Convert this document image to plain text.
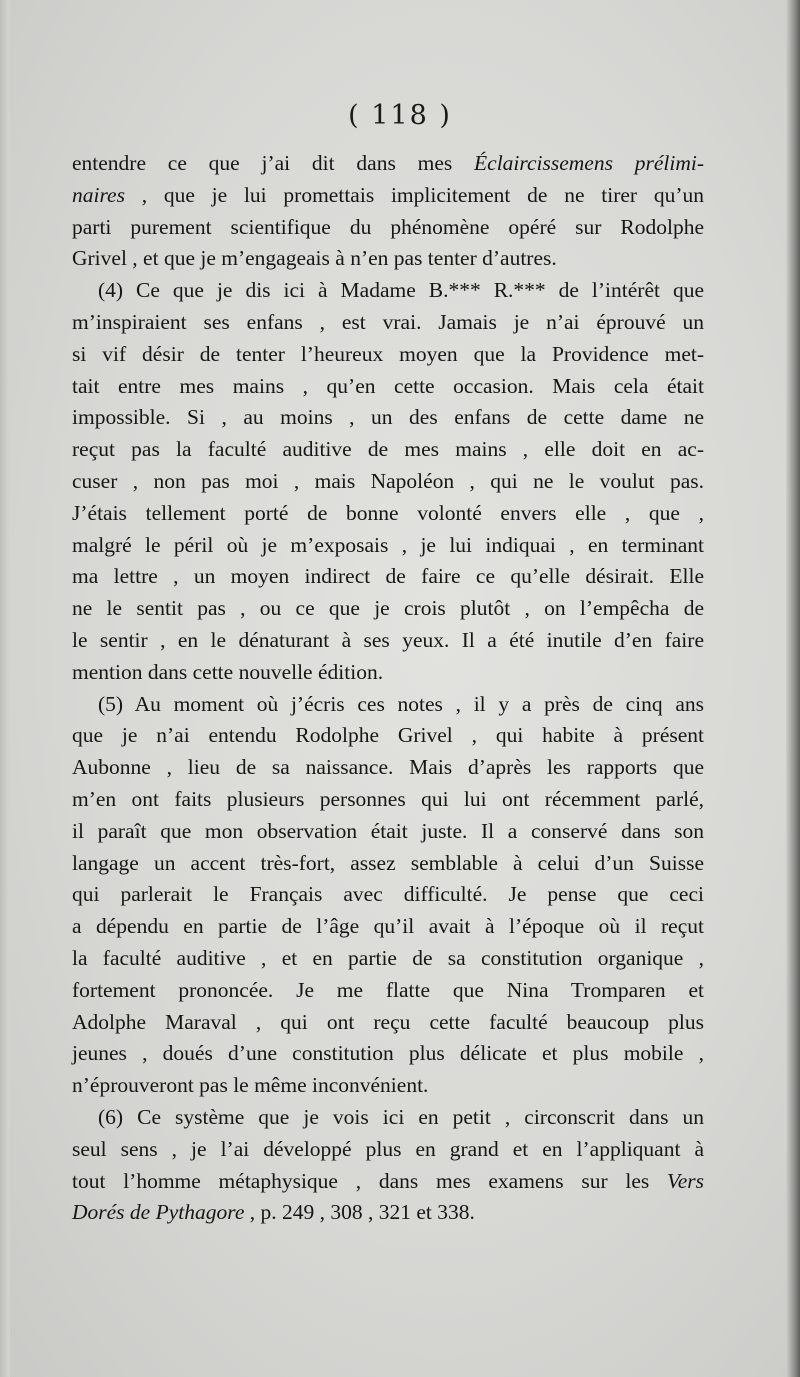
( 118 )
entendre ce que j’ai dit dans mes Éclaircissemens prélimi-
naires , que je lui promettais implicitement de ne tirer qu’un
parti purement scientifique du phénomène opéré sur Rodolphe
Grivel , et que je m’engageais à n’en pas tenter d’autres.
(4) Ce que je dis ici à Madame B.*** R.*** de l’intérêt que
m’inspiraient ses enfans , est vrai. Jamais je n’ai éprouvé un
si vif désir de tenter l’heureux moyen que la Providence met-
tait entre mes mains , qu’en cette occasion. Mais cela était
impossible. Si , au moins , un des enfans de cette dame ne
reçut pas la faculté auditive de mes mains , elle doit en ac-
cuser , non pas moi , mais Napoléon , qui ne le voulut pas.
J’étais tellement porté de bonne volonté envers elle , que ,
malgré le péril où je m’exposais , je lui indiquai , en terminant
ma lettre , un moyen indirect de faire ce qu’elle désirait. Elle
ne le sentit pas , ou ce que je crois plutôt , on l’empêcha de
le sentir , en le dénaturant à ses yeux. Il a été inutile d’en faire
mention dans cette nouvelle édition.
(5) Au moment où j’écris ces notes , il y a près de cinq ans
que je n’ai entendu Rodolphe Grivel , qui habite à présent
Aubonne , lieu de sa naissance. Mais d’après les rapports que
m’en ont faits plusieurs personnes qui lui ont récemment parlé,
il paraît que mon observation était juste. Il a conservé dans son
langage un accent très-fort, assez semblable à celui d’un Suisse
qui parlerait le Français avec difficulté. Je pense que ceci
a dépendu en partie de l’âge qu’il avait à l’époque où il reçut
la faculté auditive , et en partie de sa constitution organique ,
fortement prononcée. Je me flatte que Nina Tromparen et
Adolphe Maraval , qui ont reçu cette faculté beaucoup plus
jeunes , doués d’une constitution plus délicate et plus mobile ,
n’éprouveront pas le même inconvénient.
(6) Ce système que je vois ici en petit , circonscrit dans un
seul sens , je l’ai développé plus en grand et en l’appliquant à
tout l’homme métaphysique , dans mes examens sur les Vers
Dorés de Pythagore , p. 249 , 308 , 321 et 338.
